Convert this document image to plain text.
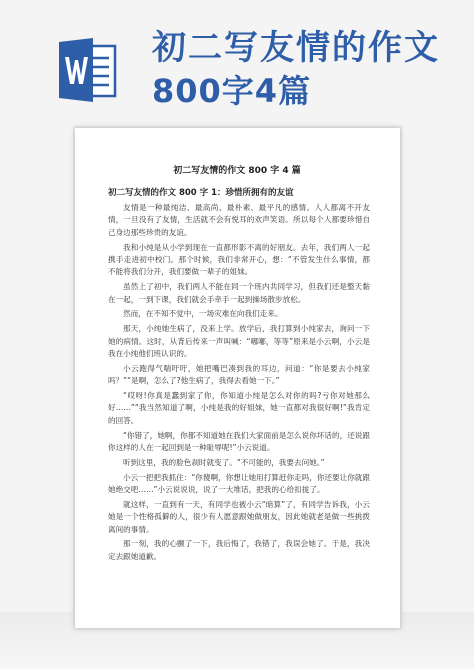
初二写友情的作文
800字4篇
初二写友情的作文 800 字 4 篇
初二写友情的作文 800 字 1：珍惜所拥有的友谊

友情是一种最纯洁、最高尚、最朴素、最平凡的感情。人人都离不开友情，一旦没有了友情，生活就不会有悦耳的欢声笑语。所以每个人都要珍惜自己身边那些珍贵的友谊。

我和小纯是从小学到现在一直都形影不离的好朋友。去年，我们两人一起携手走进初中校门。那个时候，我们非常开心，想：“不管发生什么事情，都不能将我们分开，我们要做一辈子的姐妹。

虽然上了初中，我们两人不能在同一个班内共同学习，但我们还是整天黏在一起，一到下课，我们就会手牵手一起到操场散步放松。

然而，在不知不觉中，一场灾难在向我们走来。

那天，小纯她生病了，没来上学。放学后，我打算到小纯家去，询问一下她的病情。这时，从背后传来一声叫喊：“嘟嘟，等等”原来是小云啊，小云是我在小纯他们班认识的。

小云跑得气喘吁吁，她把嘴巴凑到我的耳边，问道：“你是要去小纯家吗？”“是啊，怎么了?他生病了，我得去看她一下。”

“哎呀!你真是蠢到家了你，你知道小纯是怎么对你的吗?亏你对她那么好……”“我当然知道了啊，小纯是我的好姐妹，她一直都对我很好啊!”我肯定的回答。

“你错了，她啊，你都不知道她在我们大家面前是怎么说你坏话的，还说跟你这样的人在一起回到是一种耻辱呢!”小云说道。

听到这里，我的脸色刹时就变了。“不可能的，我要去问她。”

小云一把把我抓住：“你傻啊，你想让她用打算赶你走吗，你还要让你就跟她绝交吧……”小云说说说，说了一大堆话，把我的心给扣拢了。

就这样，一直到有一天，有同学也被小云“暗算”了，有同学告诉我，小云她是一个性格孤僻的人，很少有人愿意跟她做朋友，因此她就老是做一些挑拨离间的事情。

那一刻，我的心颤了一下，我后悔了，我错了，我误会她了。于是，我决定去跟她道歉。
